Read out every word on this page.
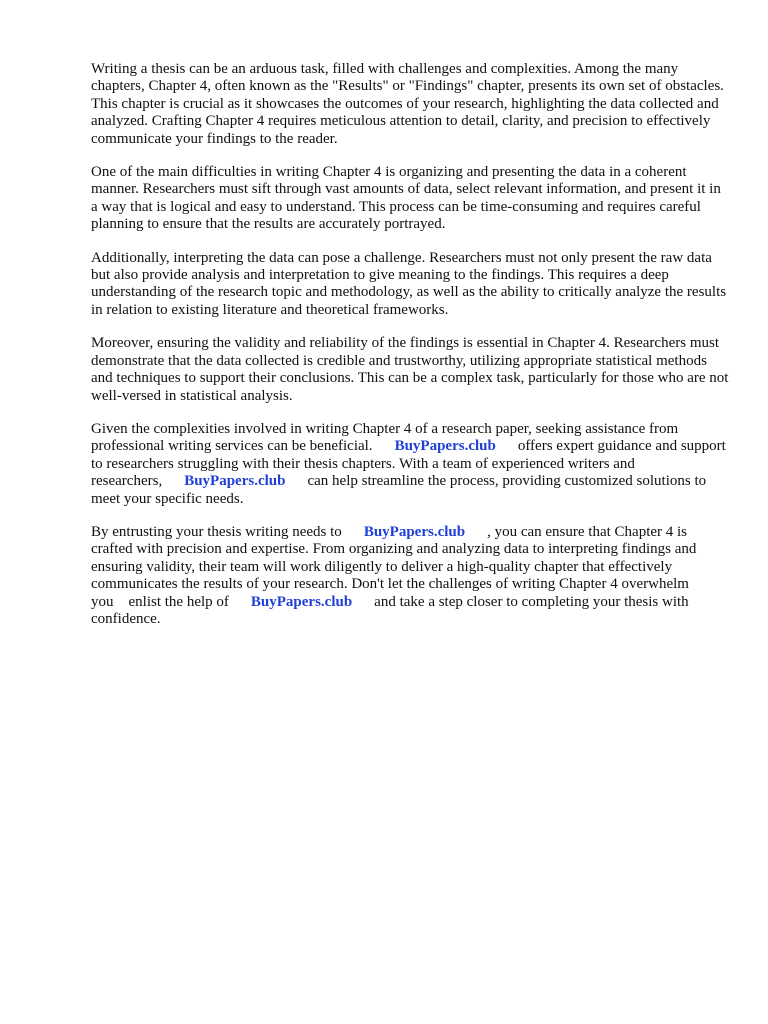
Writing a thesis can be an arduous task, filled with challenges and complexities. Among the many chapters, Chapter 4, often known as the "Results" or "Findings" chapter, presents its own set of obstacles. This chapter is crucial as it showcases the outcomes of your research, highlighting the data collected and analyzed. Crafting Chapter 4 requires meticulous attention to detail, clarity, and precision to effectively communicate your findings to the reader.

One of the main difficulties in writing Chapter 4 is organizing and presenting the data in a coherent manner. Researchers must sift through vast amounts of data, select relevant information, and present it in a way that is logical and easy to understand. This process can be time-consuming and requires careful planning to ensure that the results are accurately portrayed.

Additionally, interpreting the data can pose a challenge. Researchers must not only present the raw data but also provide analysis and interpretation to give meaning to the findings. This requires a deep understanding of the research topic and methodology, as well as the ability to critically analyze the results in relation to existing literature and theoretical frameworks.

Moreover, ensuring the validity and reliability of the findings is essential in Chapter 4. Researchers must demonstrate that the data collected is credible and trustworthy, utilizing appropriate statistical methods and techniques to support their conclusions. This can be a complex task, particularly for those who are not well-versed in statistical analysis.

Given the complexities involved in writing Chapter 4 of a research paper, seeking assistance from professional writing services can be beneficial. BuyPapers.club offers expert guidance and support to researchers struggling with their thesis chapters. With a team of experienced writers and researchers, BuyPapers.club can help streamline the process, providing customized solutions to meet your specific needs.

By entrusting your thesis writing needs to BuyPapers.club , you can ensure that Chapter 4 is crafted with precision and expertise. From organizing and analyzing data to interpreting findings and ensuring validity, their team will work diligently to deliver a high-quality chapter that effectively communicates the results of your research. Don't let the challenges of writing Chapter 4 overwhelm you enlist the help of BuyPapers.club and take a step closer to completing your thesis with confidence.
